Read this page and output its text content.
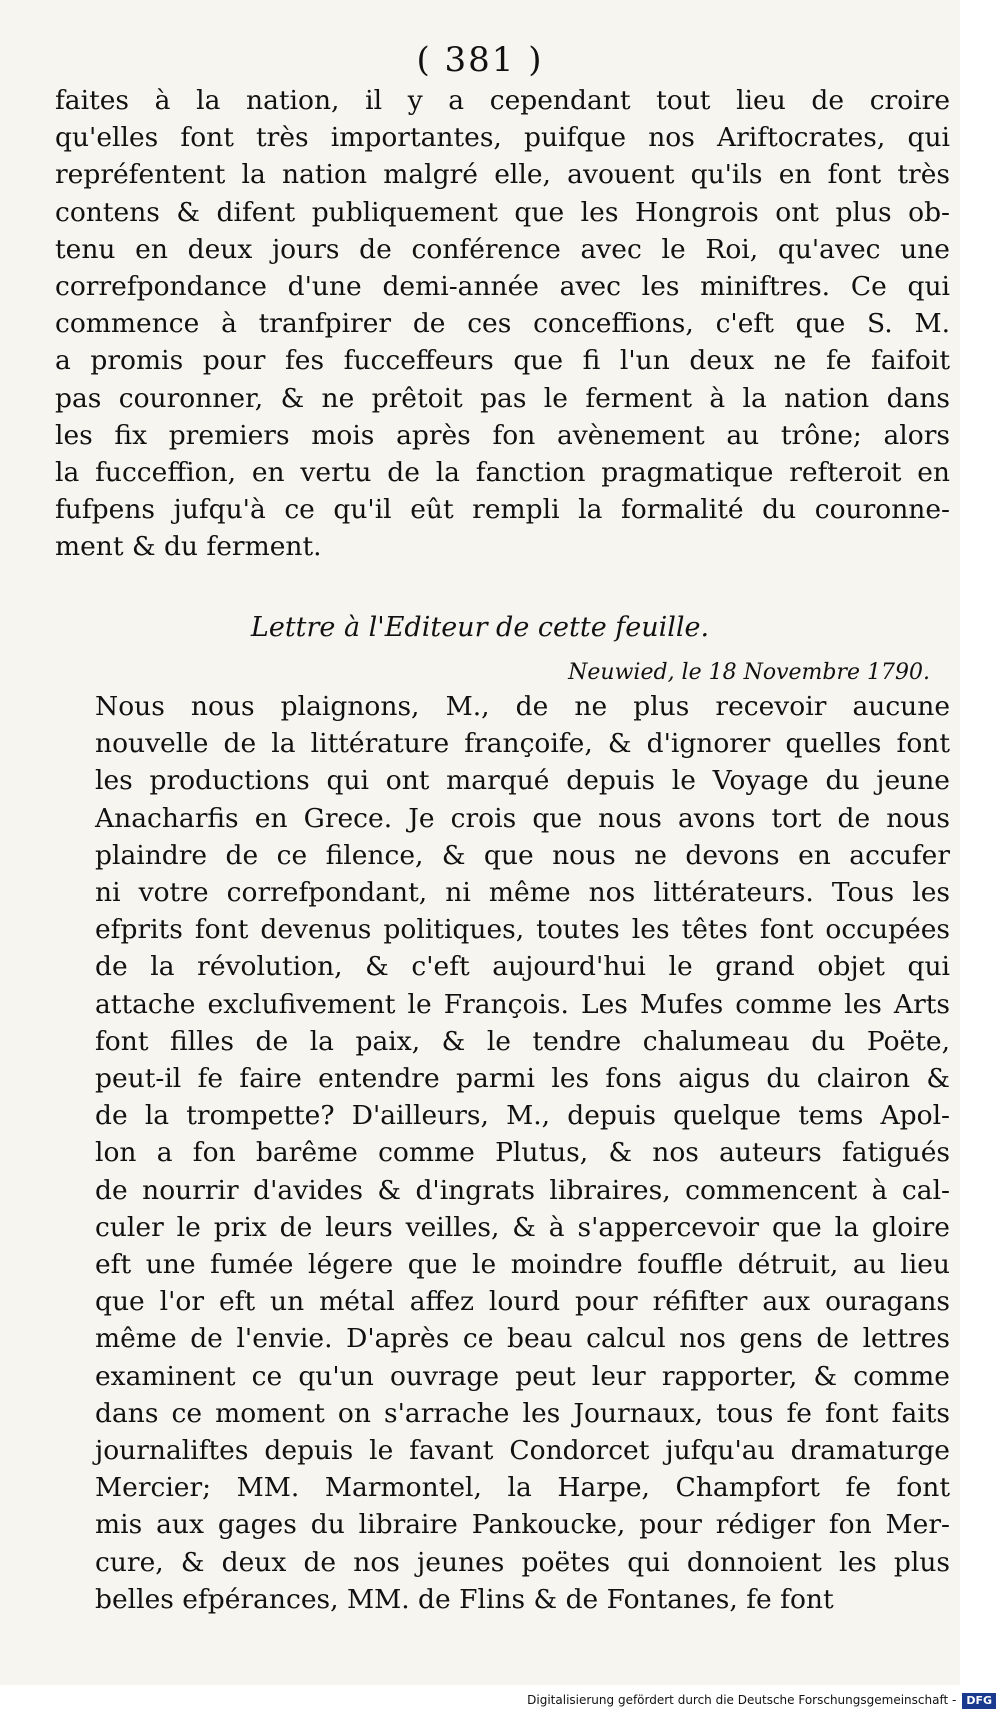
( 381 )

faites à la nation, il y a cependant tout lieu de croire
qu'elles font très importantes, puifque nos Ariftocrates, qui
repréfentent la nation malgré elle, avouent qu'ils en font très
contens & difent publiquement que les Hongrois ont plus ob-
tenu en deux jours de conférence avec le Roi, qu'avec une
correfpondance d'une demi-année avec les miniftres. Ce qui
commence à tranfpirer de ces conceffions, c'eft que S. M.
a promis pour fes fucceffeurs que fi l'un deux ne fe faifoit
pas couronner, & ne prêtoit pas le ferment à la nation dans
les fix premiers mois après fon avènement au trône; alors
la fucceffion, en vertu de la fanction pragmatique refteroit en
fufpens jufqu'à ce qu'il eût rempli la formalité du couronne-
ment & du ferment.

Lettre à l'Editeur de cette feuille.
Neuwied, le 18 Novembre 1790.

Nous nous plaignons, M., de ne plus recevoir aucune
nouvelle de la littérature françoife, & d'ignorer quelles font
les productions qui ont marqué depuis le Voyage du jeune
Anacharfis en Grece. Je crois que nous avons tort de nous
plaindre de ce filence, & que nous ne devons en accufer
ni votre correfpondant, ni même nos littérateurs. Tous les
efprits font devenus politiques, toutes les têtes font occupées
de la révolution, & c'eft aujourd'hui le grand objet qui
attache exclufivement le François. Les Mufes comme les Arts
font filles de la paix, & le tendre chalumeau du Poëte,
peut-il fe faire entendre parmi les fons aigus du clairon &
de la trompette? D'ailleurs, M., depuis quelque tems Apol-
lon a fon barême comme Plutus, & nos auteurs fatigués
de nourrir d'avides & d'ingrats libraires, commencent à cal-
culer le prix de leurs veilles, & à s'appercevoir que la gloire
eft une fumée légere que le moindre fouffle détruit, au lieu
que l'or eft un métal affez lourd pour réfifter aux ouragans
même de l'envie. D'après ce beau calcul nos gens de lettres
examinent ce qu'un ouvrage peut leur rapporter, & comme
dans ce moment on s'arrache les Journaux, tous fe font faits
journaliftes depuis le favant Condorcet jufqu'au dramaturge
Mercier; MM. Marmontel, la Harpe, Champfort fe font
mis aux gages du libraire Pankoucke, pour rédiger fon Mer-
cure, & deux de nos jeunes poëtes qui donnoient les plus
belles efpérances, MM. de Flins & de Fontanes, fe font

Digitalisierung gefördert durch die Deutsche Forschungsgemeinschaft - DFG
